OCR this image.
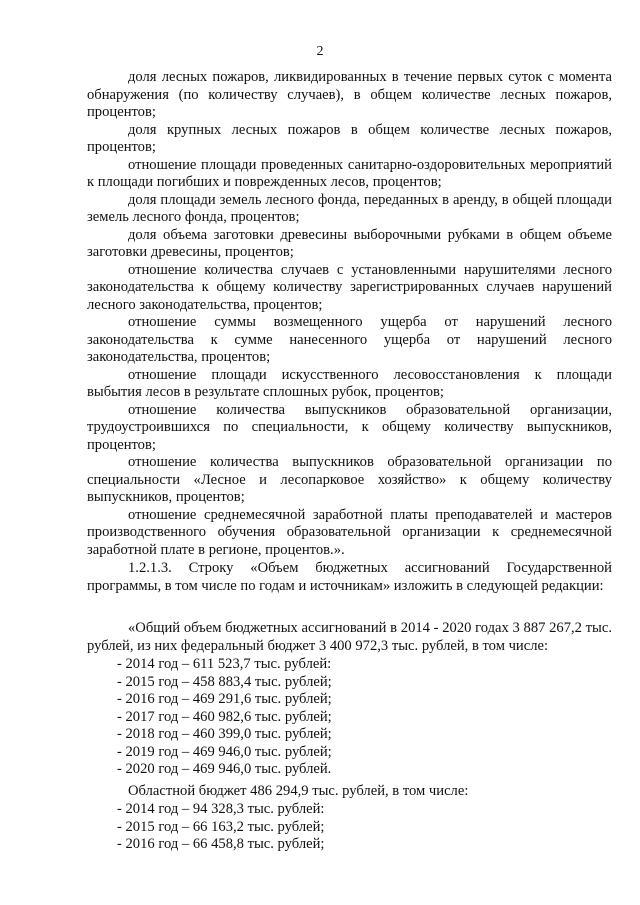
2

доля лесных пожаров, ликвидированных в течение первых суток с момента обнаружения (по количеству случаев), в общем количестве лесных пожаров, процентов;

доля крупных лесных пожаров в общем количестве лесных пожаров, процентов;

отношение площади проведенных санитарно-оздоровительных мероприятий к площади погибших и поврежденных лесов, процентов;

доля площади земель лесного фонда, переданных в аренду, в общей площади земель лесного фонда, процентов;

доля объема заготовки древесины выборочными рубками в общем объеме заготовки древесины, процентов;

отношение количества случаев с установленными нарушителями лесного законодательства к общему количеству зарегистрированных случаев нарушений лесного законодательства, процентов;

отношение суммы возмещенного ущерба от нарушений лесного законодательства к сумме нанесенного ущерба от нарушений лесного законодательства, процентов;

отношение площади искусственного лесовосстановления к площади выбытия лесов в результате сплошных рубок, процентов;

отношение количества выпускников образовательной организации, трудоустроившихся по специальности, к общему количеству выпускников, процентов;

отношение количества выпускников образовательной организации по специальности «Лесное и лесопарковое хозяйство» к общему количеству выпускников, процентов;

отношение среднемесячной заработной платы преподавателей и мастеров производственного обучения образовательной организации к среднемесячной заработной плате в регионе, процентов.».

1.2.1.3. Строку «Объем бюджетных ассигнований Государственной программы, в том числе по годам и источникам» изложить в следующей редакции:

«Общий объем бюджетных ассигнований в 2014 - 2020 годах 3 887 267,2 тыс. рублей, из них федеральный бюджет 3 400 972,3 тыс. рублей, в том числе:

- 2014 год – 611 523,7 тыс. рублей:
- 2015 год – 458 883,4 тыс. рублей;
- 2016 год – 469 291,6 тыс. рублей;
- 2017 год – 460 982,6 тыс. рублей;
- 2018 год – 460 399,0 тыс. рублей;
- 2019 год – 469 946,0 тыс. рублей;
- 2020 год – 469 946,0 тыс. рублей.
Областной бюджет 486 294,9 тыс. рублей, в том числе:
- 2014 год – 94 328,3 тыс. рублей:
- 2015 год – 66 163,2 тыс. рублей;
- 2016 год – 66 458,8 тыс. рублей;
